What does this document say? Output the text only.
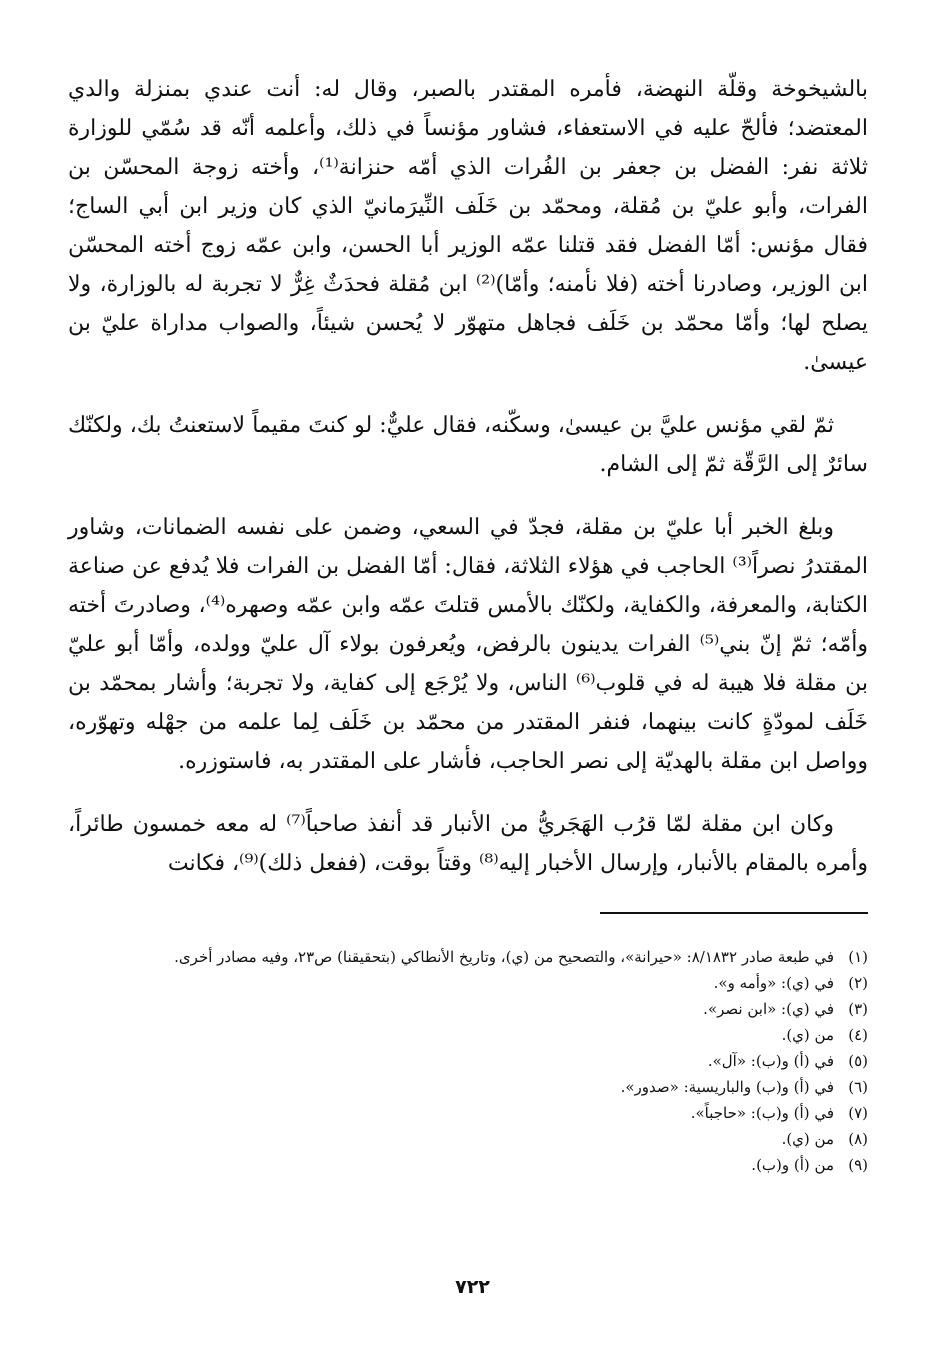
بالشيخوخة وقلّة النهضة، فأمره المقتدر بالصبر، وقال له: أنت عندي بمنزلة والدي المعتضد؛ فألحّ عليه في الاستعفاء، فشاور مؤنساً في ذلك، وأعلمه أنّه قد سُمّي للوزارة ثلاثة نفر: الفضل بن جعفر بن الفُرات الذي أمّه حنزانة⁽¹⁾، وأخته زوجة المحسّن بن الفرات، وأبو عليّ بن مُقلة، ومحمّد بن خَلَف النِّيرَمانيّ الذي كان وزير ابن أبي الساج؛ فقال مؤنس: أمّا الفضل فقد قتلنا عمّه الوزير أبا الحسن، وابن عمّه زوج أخته المحسّن ابن الوزير، وصادرنا أخته (فلا نأمنه؛ وأمّا)⁽²⁾ ابن مُقلة فحدَثٌ غِرٌّ لا تجربة له بالوزارة، ولا يصلح لها؛ وأمّا محمّد بن خَلَف فجاهل متهوّر لا يُحسن شيئاً، والصواب مداراة عليّ بن عيسىٰ.

ثمّ لقي مؤنس عليَّ بن عيسىٰ، وسكّنه، فقال عليٌّ: لو كنتَ مقيماً لاستعنتُ بك، ولكنّك سائرٌ إلى الرَّقّة ثمّ إلى الشام.

وبلغ الخبر أبا عليّ بن مقلة، فجدّ في السعي، وضمن على نفسه الضمانات، وشاور المقتدرُ نصراً⁽³⁾ الحاجب في هؤلاء الثلاثة، فقال: أمّا الفضل بن الفرات فلا يُدفع عن صناعة الكتابة، والمعرفة، والكفاية، ولكنّك بالأمس قتلتَ عمّه وابن عمّه وصهره⁽⁴⁾، وصادرتَ أخته وأمّه؛ ثمّ إنّ بني⁽⁵⁾ الفرات يدينون بالرفض، ويُعرفون بولاء آل عليّ وولده، وأمّا أبو عليّ بن مقلة فلا هيبة له في قلوب⁽⁶⁾ الناس، ولا يُرْجَع إلى كفاية، ولا تجربة؛ وأشار بمحمّد بن خَلَف لمودّةٍ كانت بينهما، فنفر المقتدر من محمّد بن خَلَف لِما علمه من جهْله وتهوّره، وواصل ابن مقلة بالهديّة إلى نصر الحاجب، فأشار على المقتدر به، فاستوزره.

وكان ابن مقلة لمّا قرُب الهَجَريُّ من الأنبار قد أنفذ صاحباً⁽⁷⁾ له معه خمسون طائراً، وأمره بالمقام بالأنبار، وإرسال الأخبار إليه⁽⁸⁾ وقتاً بوقت، (ففعل ذلك)⁽⁹⁾، فكانت

(١)
في طبعة صادر ٨/١٨٣٢: «حيرانة»، والتصحيح من (ي)، وتاريخ الأنطاكي (بتحقيقنا) ص٢٣، وفيه مصادر أخرى.
(٢)
في (ي): «وأمه و».
(٣)
في (ي): «ابن نصر».
(٤)
من (ي).
(٥)
في (أ) و(ب): «آل».
(٦)
في (أ) و(ب) والباريسية: «صدور».
(٧)
في (أ) و(ب): «حاجباً».
(٨)
من (ي).
(٩)
من (أ) و(ب).
٧٢٢
